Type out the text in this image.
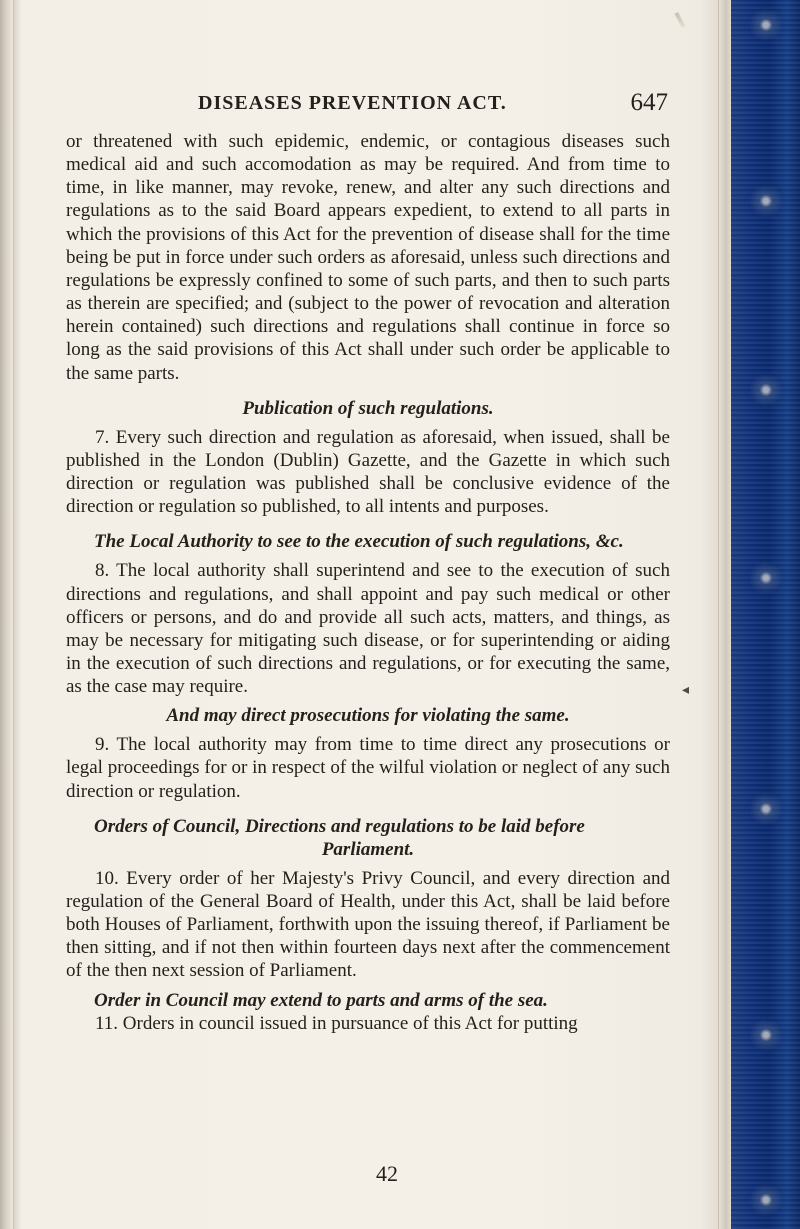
DISEASES PREVENTION ACT.	647

or threatened with such epidemic, endemic, or contagious diseases such medical aid and such accomodation as may be required. And from time to time, in like manner, may revoke, renew, and alter any such directions and regulations as to the said Board appears expedient, to extend to all parts in which the provisions of this Act for the prevention of disease shall for the time being be put in force under such orders as aforesaid, unless such directions and regulations be expressly confined to some of such parts, and then to such parts as therein are specified; and (subject to the power of revocation and alteration herein contained) such directions and regulations shall continue in force so long as the said provisions of this Act shall under such order be applicable to the same parts.

Publication of such regulations.

7. Every such direction and regulation as aforesaid, when issued, shall be published in the London (Dublin) Gazette, and the Gazette in which such direction or regulation was published shall be conclusive evidence of the direction or regulation so published, to all intents and purposes.

The Local Authority to see to the execution of such regulations, &c.

8. The local authority shall superintend and see to the execution of such directions and regulations, and shall appoint and pay such medical or other officers or persons, and do and provide all such acts, matters, and things, as may be necessary for mitigating such disease, or for superintending or aiding in the execution of such directions and regulations, or for executing the same, as the case may require.

And may direct prosecutions for violating the same.

9. The local authority may from time to time direct any prosecutions or legal proceedings for or in respect of the wilful violation or neglect of any such direction or regulation.

Orders of Council, Directions and regulations to be laid before

Parliament.

10. Every order of her Majesty's Privy Council, and every direction and regulation of the General Board of Health, under this Act, shall be laid before both Houses of Parliament, forthwith upon the issuing thereof, if Parliament be then sitting, and if not then within fourteen days next after the commencement of the then next session of Parliament.

Order in Council may extend to parts and arms of the sea.

11. Orders in council issued in pursuance of this Act for putting

42
◂
